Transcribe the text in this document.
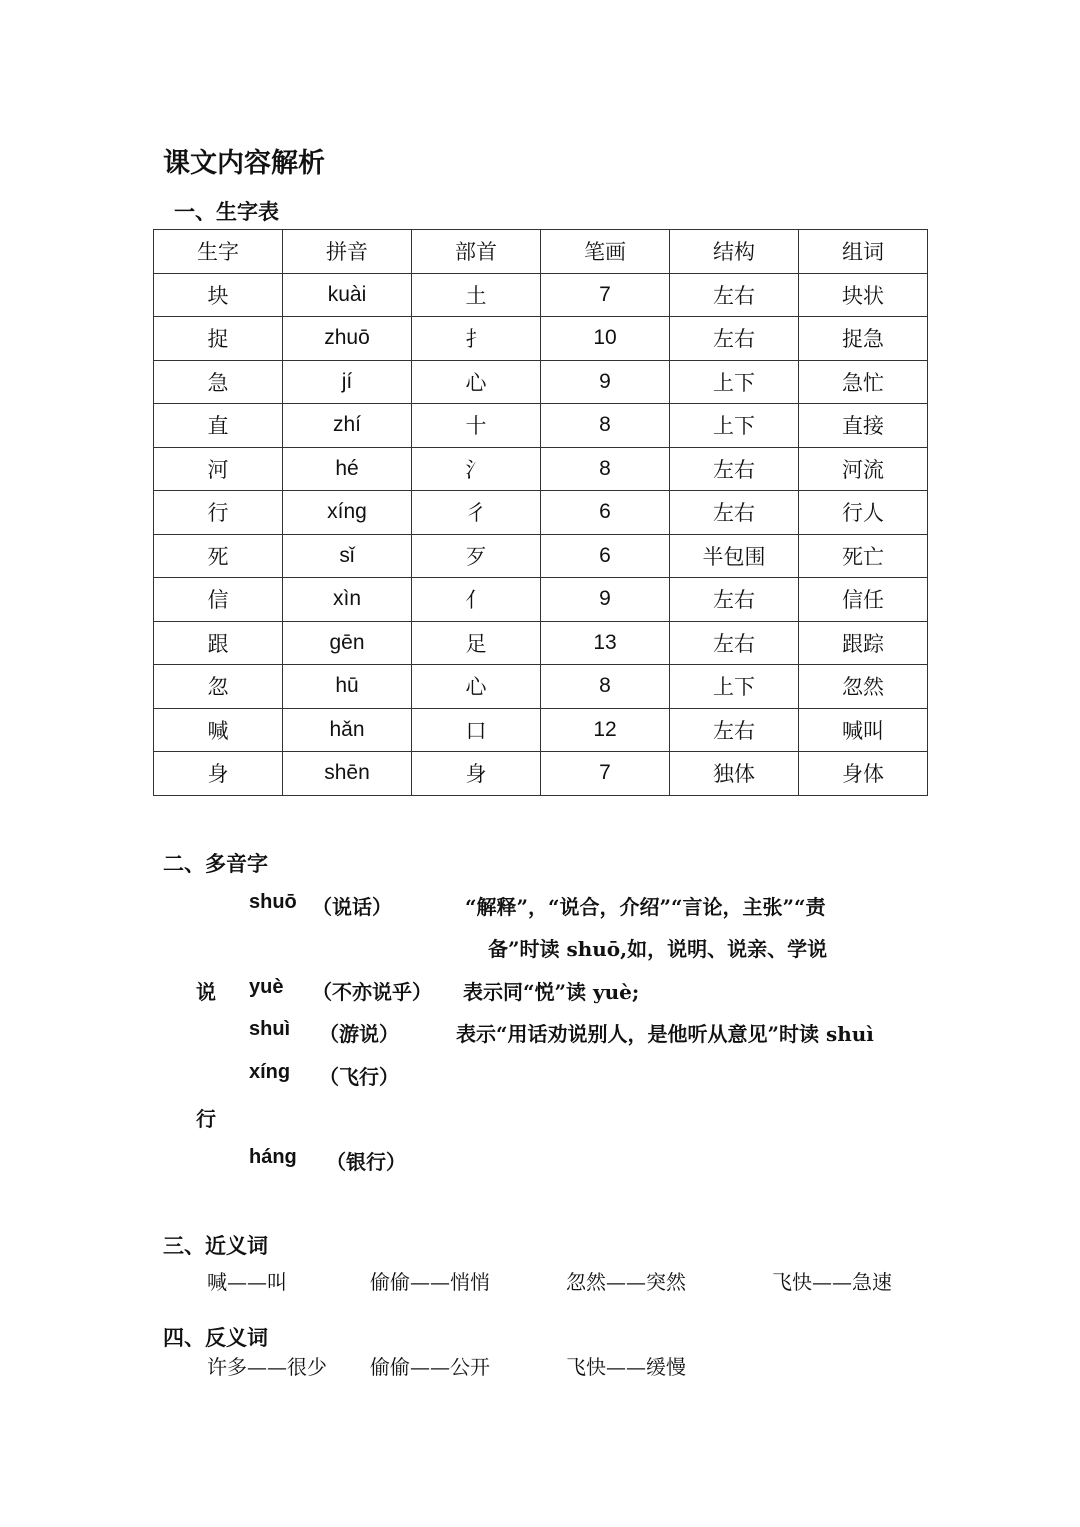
课文内容解析
一、生字表
生字	拼音	部首	笔画	结构	组词
块	kuài	土	7	左右	块状
捉	zhuō	扌	10	左右	捉急
急	jí	心	9	上下	急忙
直	zhí	十	8	上下	直接
河	hé	氵	8	左右	河流
行	xíng	彳	6	左右	行人
死	sǐ	歹	6	半包围	死亡
信	xìn	亻	9	左右	信任
跟	gēn	足	13	左右	跟踪
忽	hū	心	8	上下	忽然
喊	hǎn	口	12	左右	喊叫
身	shēn	身	7	独体	身体
二、多音字
shuō （说话）	“解释”，“说合，介绍”“言论，主张”“责
备”时读 shuō,如，说明、说亲、学说
说 yuè （不亦说乎） 表示同“悦”读 yuè;
shuì （游说）	表示“用话劝说别人，是他听从意见”时读 shuì
xíng （飞行）
行
háng （银行）
三、近义词
喊——叫	偷偷——悄悄	忽然——突然	飞快——急速
四、反义词
许多——很少 偷偷——公开	飞快——缓慢
